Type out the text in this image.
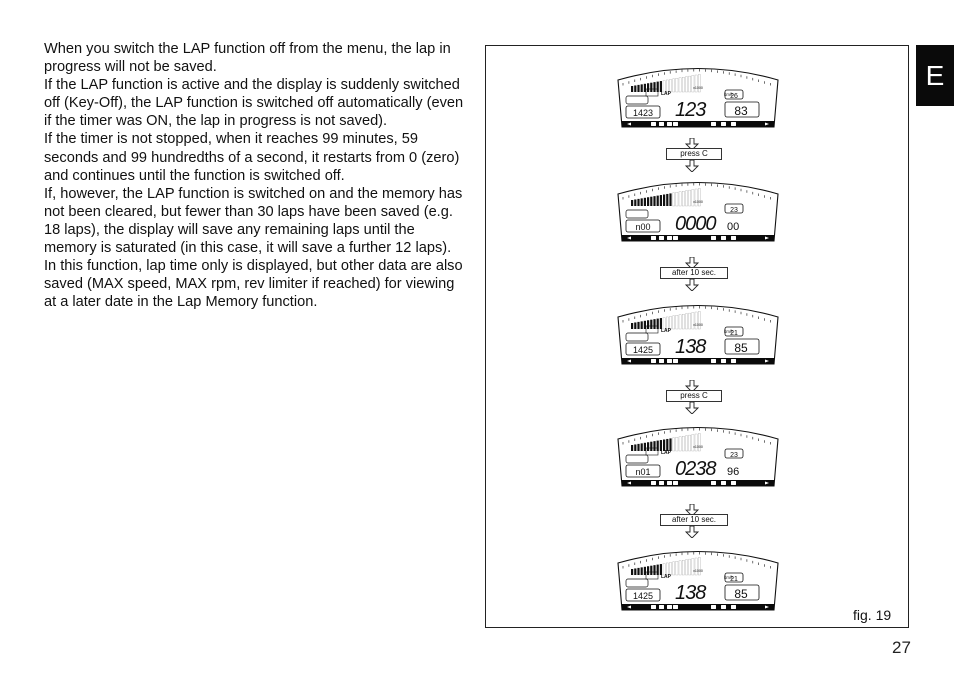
When you switch the LAP function off from the menu, the lap in progress will not be saved.

If the LAP function is active and the display is suddenly switched off (Key-Off), the LAP function is switched off automatically (even if the timer was ON, the lap in progress is not saved).

If the timer is not stopped, when it reaches 99 minutes, 59 seconds and 99 hundredths of a second, it restarts from 0 (zero) and continues until the function is switched off.

If, however, the LAP function is switched on and the memory has not been cleared, but fewer than 30 laps have been saved (e.g. 18 laps), the display will save any remaining laps until the memory is saturated (in this case, it will save a further 12 laps).

In this function, lap time only is displayed, but other data are also saved (MAX speed, MAX rpm, rev limiter if reached) for viewing at a later date in the Lap Memory function.

E
x1000
LAP	km/h
123
1423
26
83
x1000
0000 00
n00
23
x1000
LAP	km/h
138
1425
21
85
x1000
LAP
0238 96
n01
23
x1000
LAP	km/h
138
1425
21
85
press C
after 10 sec.
press C
after 10 sec.
fig. 19
27
